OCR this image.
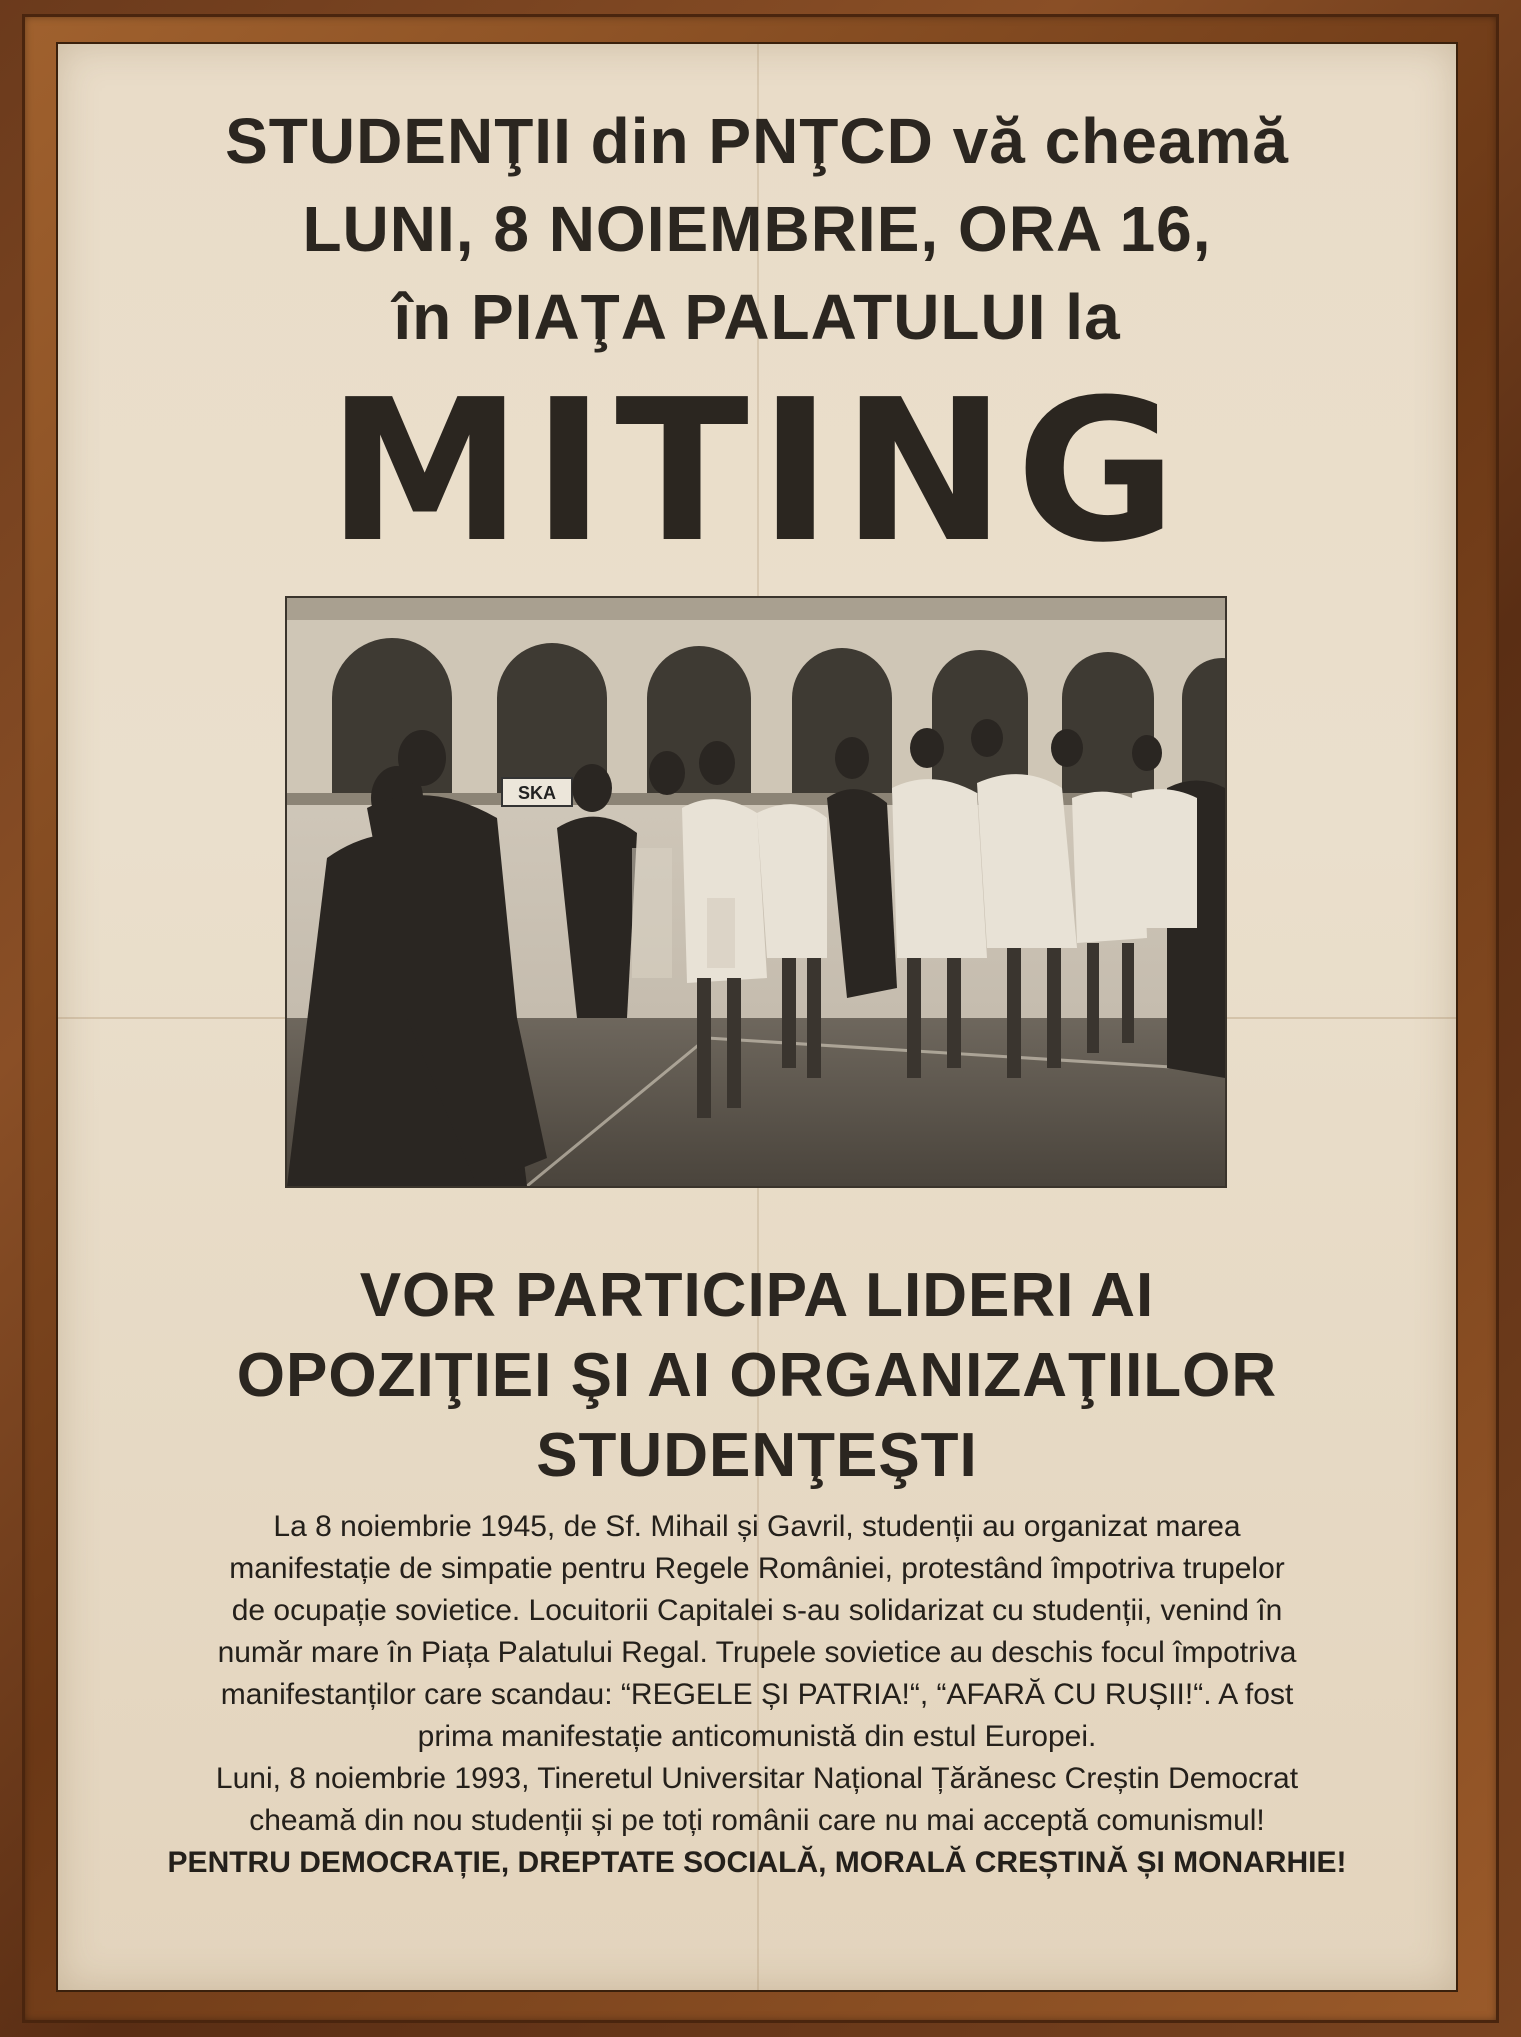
STUDENŢII din PNŢCD vă cheamă
LUNI, 8 NOIEMBRIE, ORA 16,
în PIAŢA PALATULUI la
MITING
SKA
VOR PARTICIPA LIDERI AI
OPOZIŢIEI ŞI AI ORGANIZAŢIILOR
STUDENŢEŞTI
La 8 noiembrie 1945, de Sf. Mihail și Gavril, studenții au organizat marea
manifestație de simpatie pentru Regele României, protestând împotriva trupelor
de ocupație sovietice. Locuitorii Capitalei s-au solidarizat cu studenții, venind în
număr mare în Piața Palatului Regal. Trupele sovietice au deschis focul împotriva
manifestanților care scandau: “REGELE ȘI PATRIA!“, “AFARĂ CU RUȘII!“. A fost
prima manifestație anticomunistă din estul Europei.
Luni, 8 noiembrie 1993, Tineretul Universitar Național Țărănesc Creștin Democrat
cheamă din nou studenții și pe toți românii care nu mai acceptă comunismul!
PENTRU DEMOCRAȚIE, DREPTATE SOCIALĂ, MORALĂ CREȘTINĂ ȘI MONARHIE!
